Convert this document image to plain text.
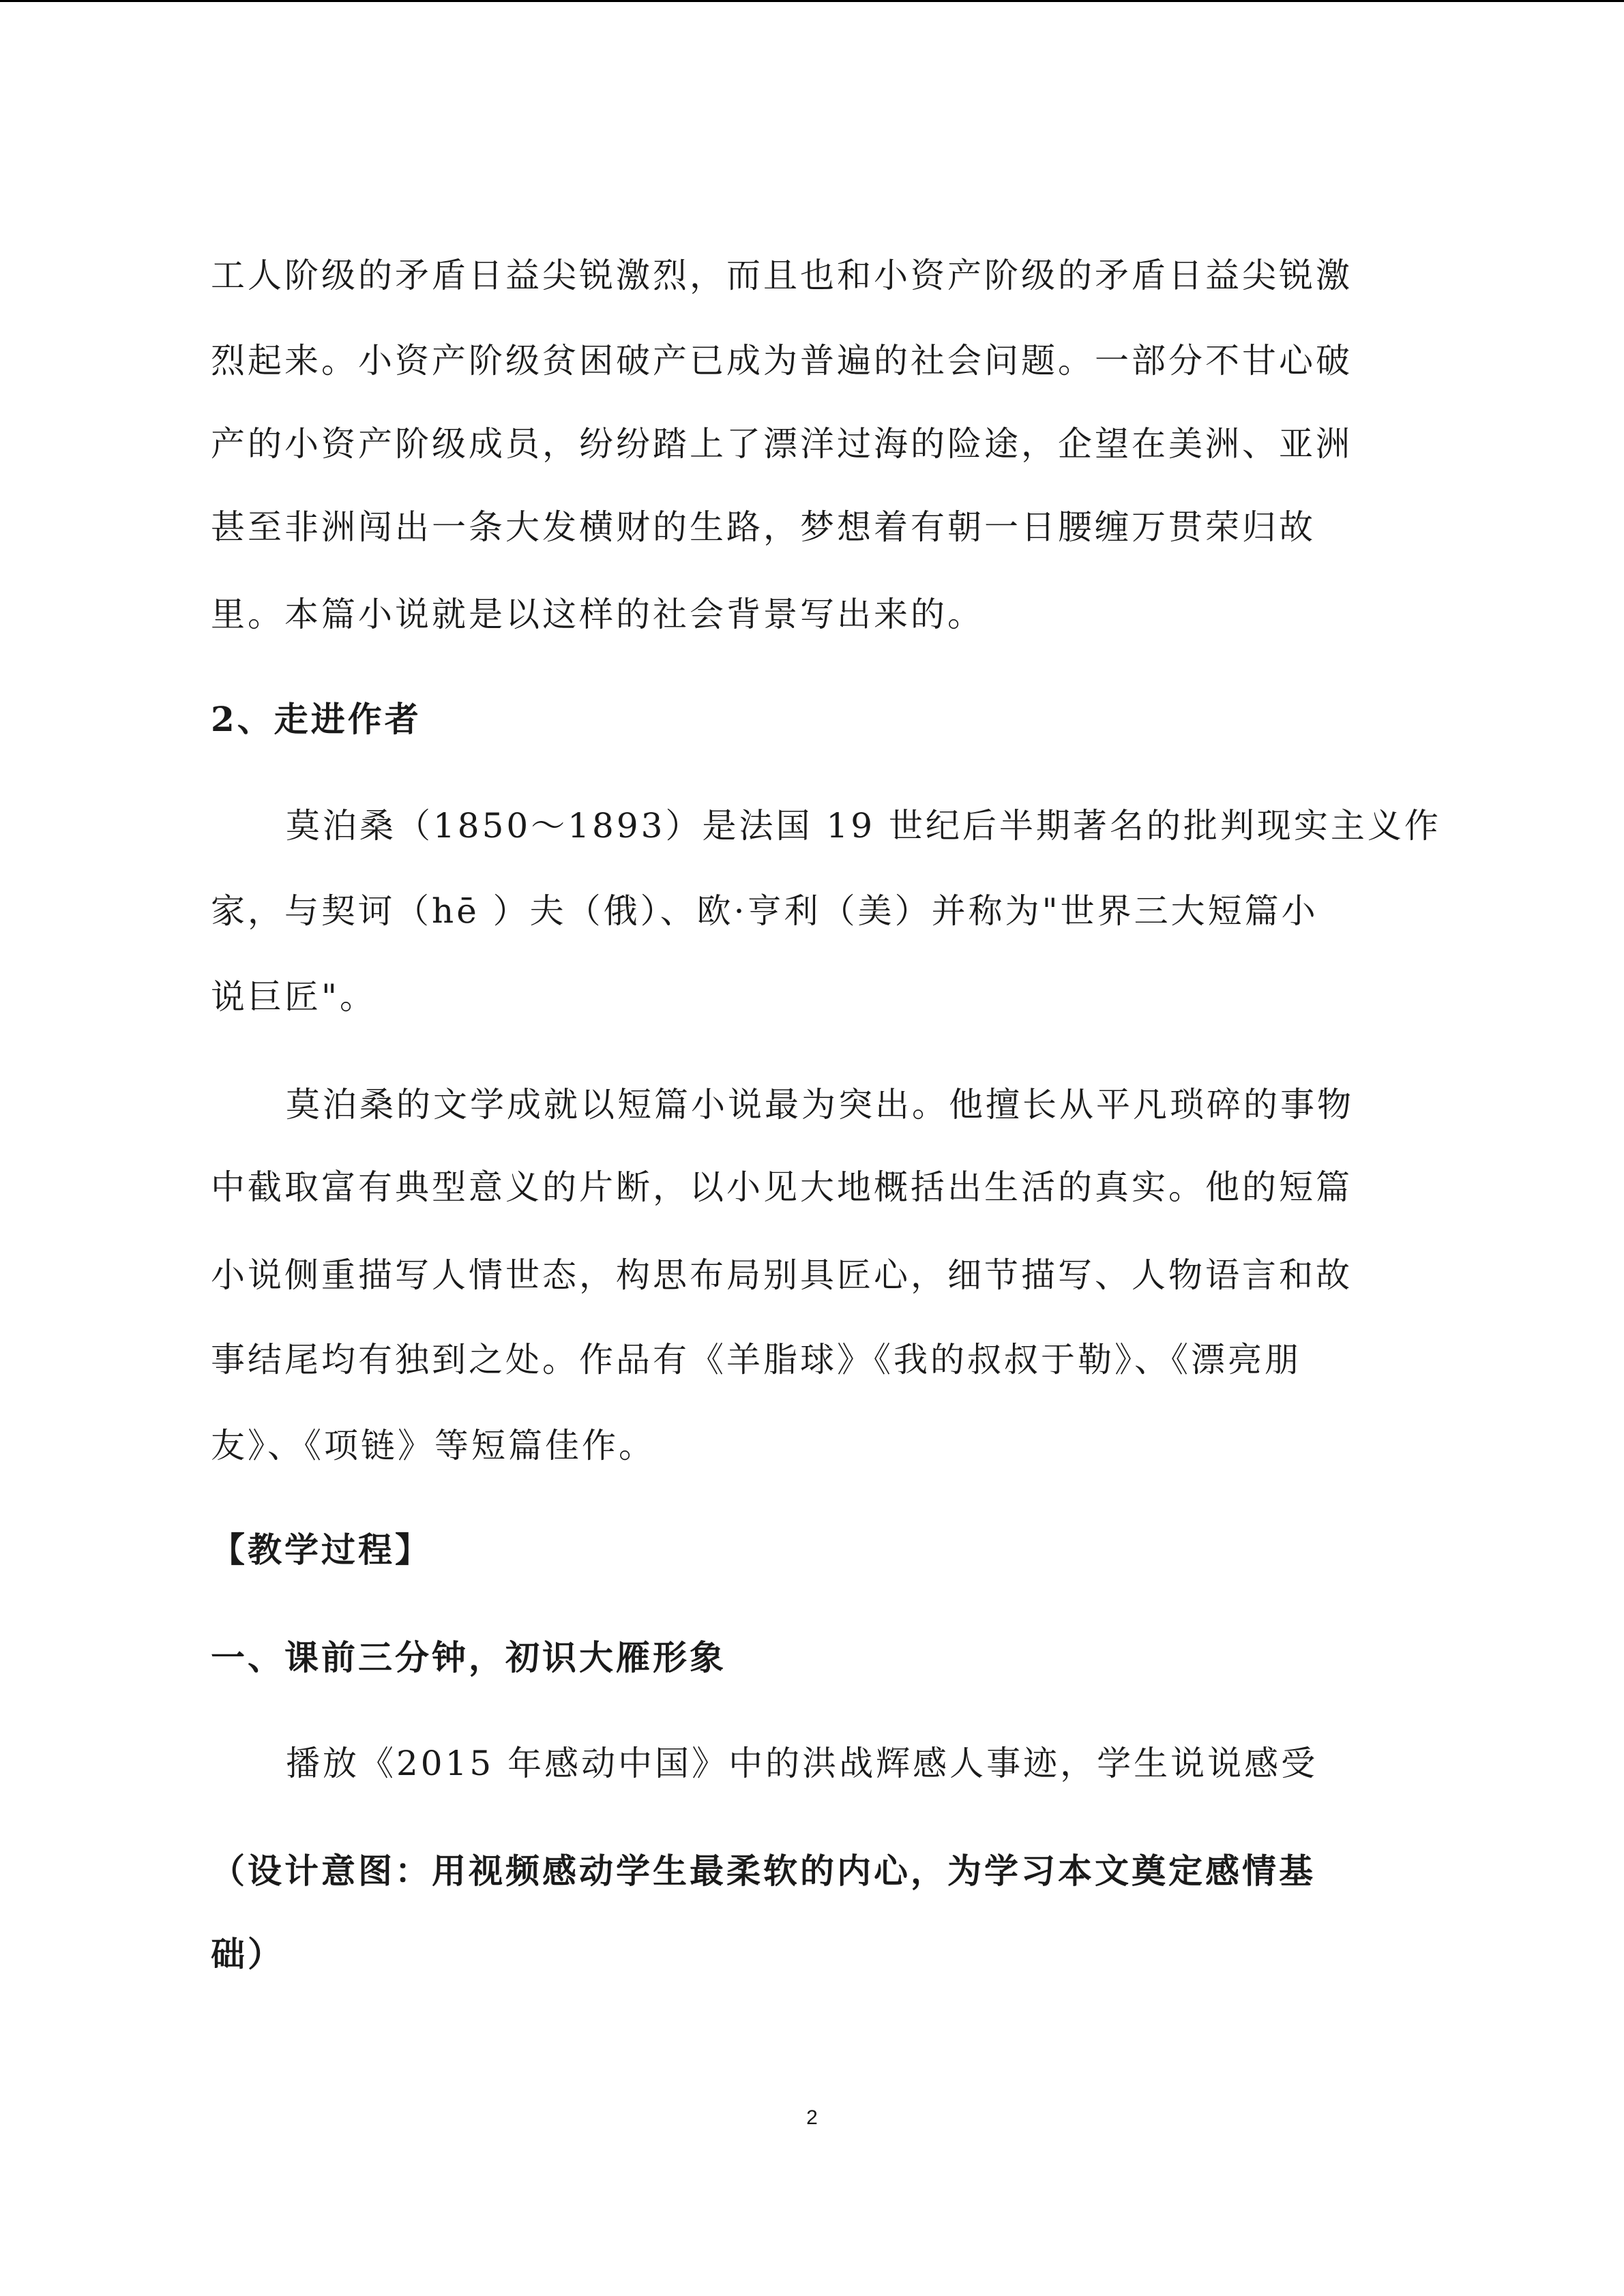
工人阶级的矛盾日益尖锐激烈，而且也和小资产阶级的矛盾日益尖锐激
烈起来。小资产阶级贫困破产已成为普遍的社会问题。一部分不甘心破
产的小资产阶级成员，纷纷踏上了漂洋过海的险途，企望在美洲、亚洲
甚至非洲闯出一条大发横财的生路，梦想着有朝一日腰缠万贯荣归故
里。本篇小说就是以这样的社会背景写出来的。
2、走进作者
莫泊桑（1850～1893）是法国 19 世纪后半期著名的批判现实主义作
家，与契诃（hē ）夫（俄）、欧·亨利（美）并称为"世界三大短篇小
说巨匠"。
莫泊桑的文学成就以短篇小说最为突出。他擅长从平凡琐碎的事物
中截取富有典型意义的片断，以小见大地概括出生活的真实。他的短篇
小说侧重描写人情世态，构思布局别具匠心，细节描写、人物语言和故
事结尾均有独到之处。作品有《羊脂球》《我的叔叔于勒》、《漂亮朋
友》、《项链》等短篇佳作。
【教学过程】
一、课前三分钟，初识大雁形象
播放《2015 年感动中国》中的洪战辉感人事迹，学生说说感受
（设计意图：用视频感动学生最柔软的内心，为学习本文奠定感情基
础）
2
